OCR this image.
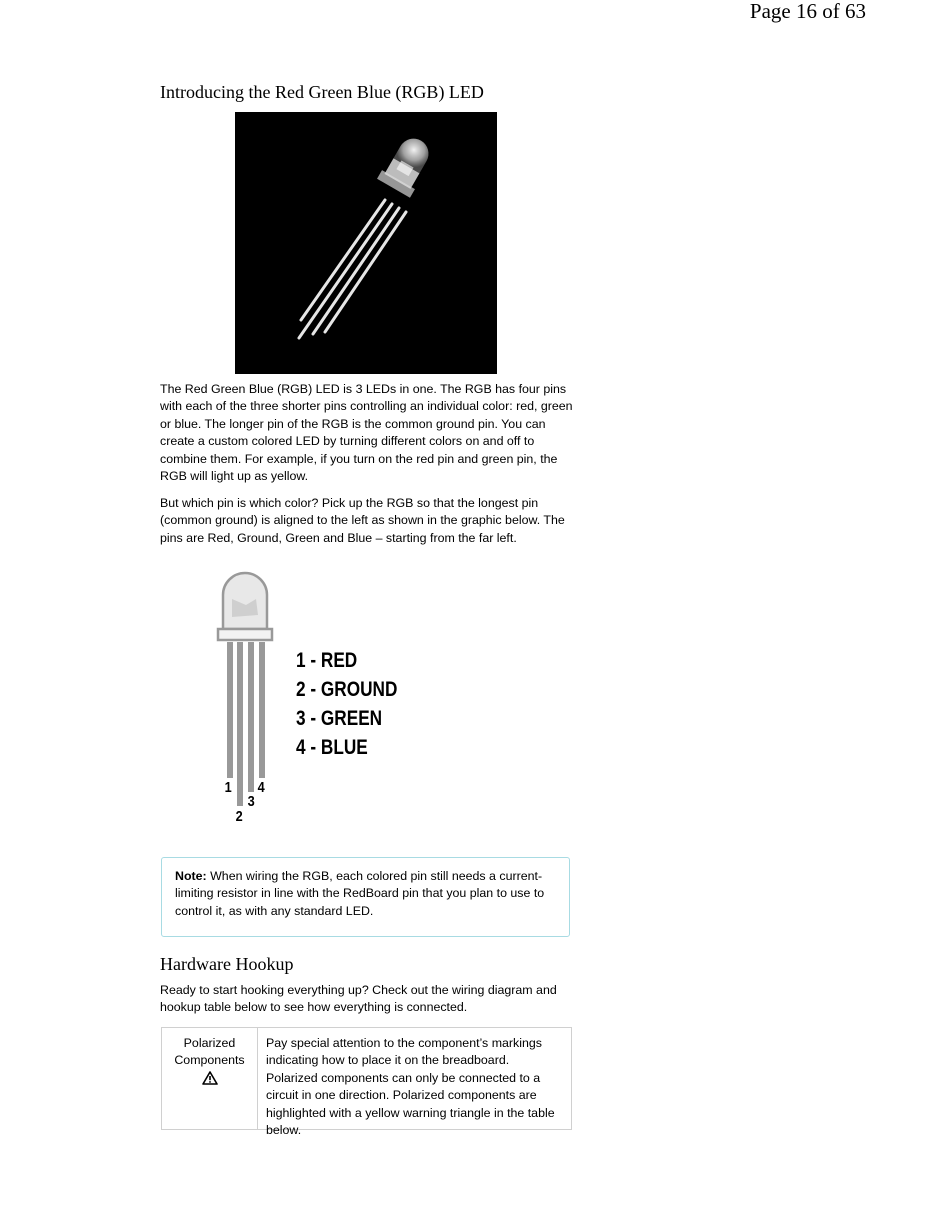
Page 16 of 63
Introducing the Red Green Blue (RGB) LED

The Red Green Blue (RGB) LED is 3 LEDs in one. The RGB has four pins with each of the three shorter pins controlling an individual color: red, green or blue. The longer pin of the RGB is the common ground pin. You can create a custom colored LED by turning different colors on and off to combine them. For example, if you turn on the red pin and green pin, the RGB will light up as yellow.

But which pin is which color? Pick up the RGB so that the longest pin (common ground) is aligned to the left as shown in the graphic below. The pins are Red, Ground, Green and Blue – starting from the far left.

1
2
3
4
1 - RED
2 - GROUND
3 - GREEN
4 - BLUE
Note: When wiring the RGB, each colored pin still needs a current-limiting resistor in line with the RedBoard pin that you plan to use to control it, as with any standard LED.
Hardware Hookup

Ready to start hooking everything up? Check out the wiring diagram and hookup table below to see how everything is connected.

Polarized Components
Pay special attention to the component’s markings indicating how to place it on the breadboard. Polarized components can only be connected to a circuit in one direction. Polarized components are highlighted with a yellow warning triangle in the table below.
